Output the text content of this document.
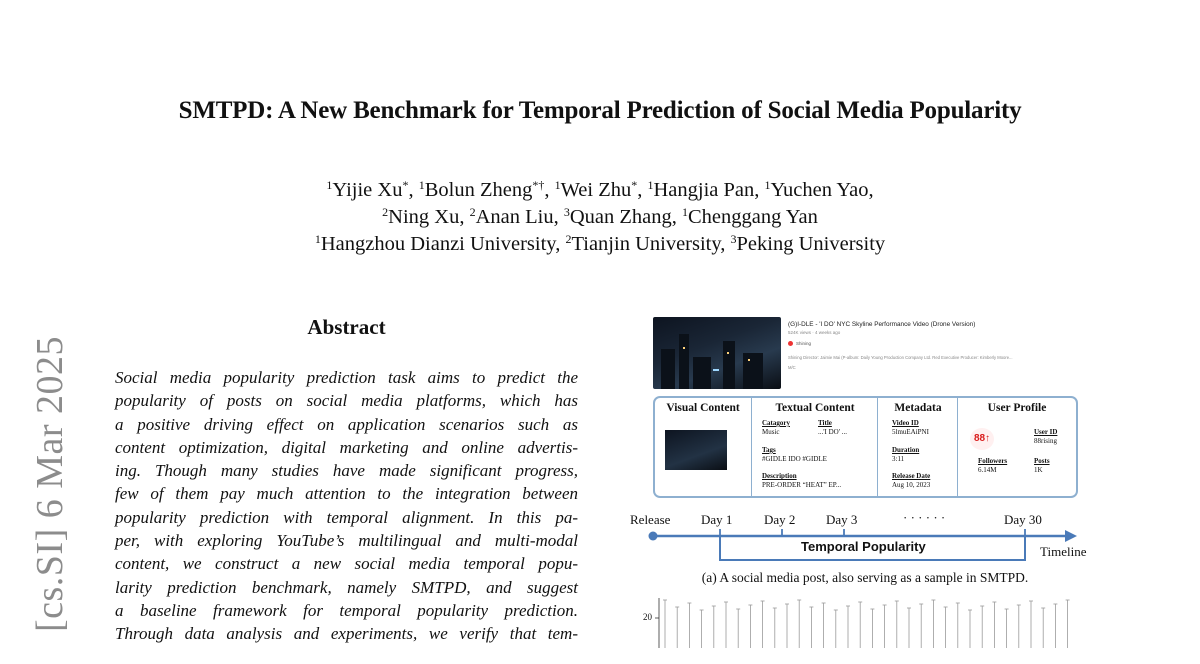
SMTPD: A New Benchmark for Temporal Prediction of Social Media Popularity
$^1$Yijie Xu*, $^1$Bolun Zheng*†, $^1$Wei Zhu*, $^1$Hangjia Pan, $^1$Yuchen Yao,
$^2$Ning Xu, $^2$Anan Liu, $^3$Quan Zhang, $^1$Chenggang Yan
$^1$Hangzhou Dianzi University, $^2$Tianjin University, $^3$Peking University
[cs.SI] 6 Mar 2025
Abstract
Social media popularity prediction task aims to predict the
popularity of posts on social media platforms, which has
a positive driving effect on application scenarios such as
content optimization, digital marketing and online advertis-
ing. Though many studies have made significant progress,
few of them pay much attention to the integration between
popularity prediction with temporal alignment. In this pa-
per, with exploring YouTube’s multilingual and multi-modal
content, we construct a new social media temporal popu-
larity prediction benchmark, namely SMTPD, and suggest
a baseline framework for temporal popularity prediction.
Through data analysis and experiments, we verify that tem-
(G)I-DLE - 'I DO' NYC Skyline Performance Video (Drone Version)
524K views · 4 weeks ago
Shining
Shining Director: Jaimie Mai (P-album: Daily Young Production Company Ltd. Red Executive Producer: Kimberly Moore...
M/C
Visual Content	Textual Content
Catagory
Music
Title
...'I DO' ...
Tags
#GIDLE IDO #GIDLE
Description
PRE-ORDER “HEAT” EP...
Metadata
Video ID
5lmuEAiPNI
Duration
3:11
Release Date
Aug 10, 2023
User Profile
88↑
User ID
88rising
Followers
6.14M
Posts
1K
Release Day 1 Day 2 Day 3	· · · · · ·	Day 30
Timeline
Temporal Popularity
(a) A social media post, also serving as a sample in SMTPD.
20
